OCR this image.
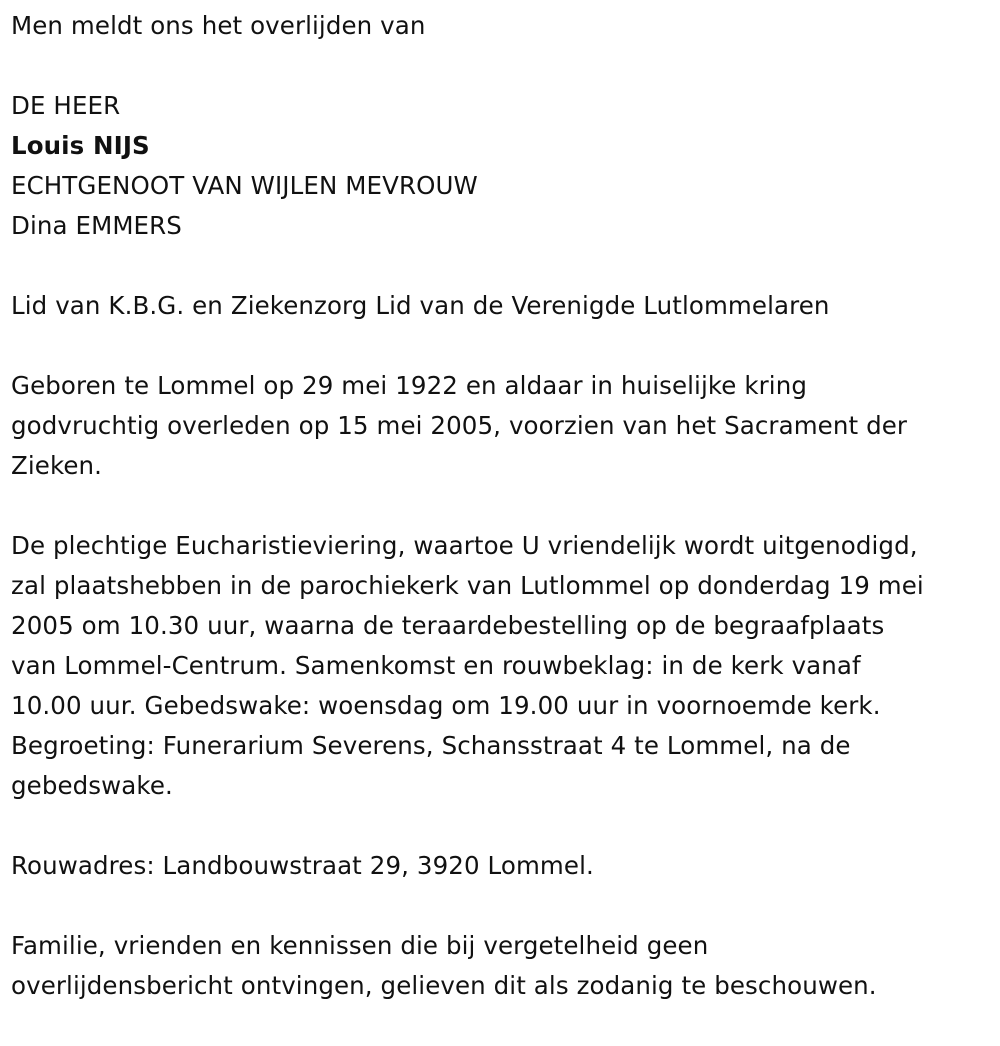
Men meldt ons het overlijden van

DE HEER

Louis NIJS

ECHTGENOOT VAN WIJLEN MEVROUW

Dina EMMERS

Lid van K.B.G. en Ziekenzorg Lid van de Verenigde Lutlommelaren

Geboren te Lommel op 29 mei 1922 en aldaar in huiselijke kring

godvruchtig overleden op 15 mei 2005, voorzien van het Sacrament der

Zieken.

De plechtige Eucharistieviering, waartoe U vriendelijk wordt uitgenodigd,

zal plaatshebben in de parochiekerk van Lutlommel op donderdag 19 mei

2005 om 10.30 uur, waarna de teraardebestelling op de begraafplaats

van Lommel-Centrum. Samenkomst en rouwbeklag: in de kerk vanaf

10.00 uur. Gebedswake: woensdag om 19.00 uur in voornoemde kerk.

Begroeting: Funerarium Severens, Schansstraat 4 te Lommel, na de

gebedswake.

Rouwadres: Landbouwstraat 29, 3920 Lommel.

Familie, vrienden en kennissen die bij vergetelheid geen

overlijdensbericht ontvingen, gelieven dit als zodanig te beschouwen.
